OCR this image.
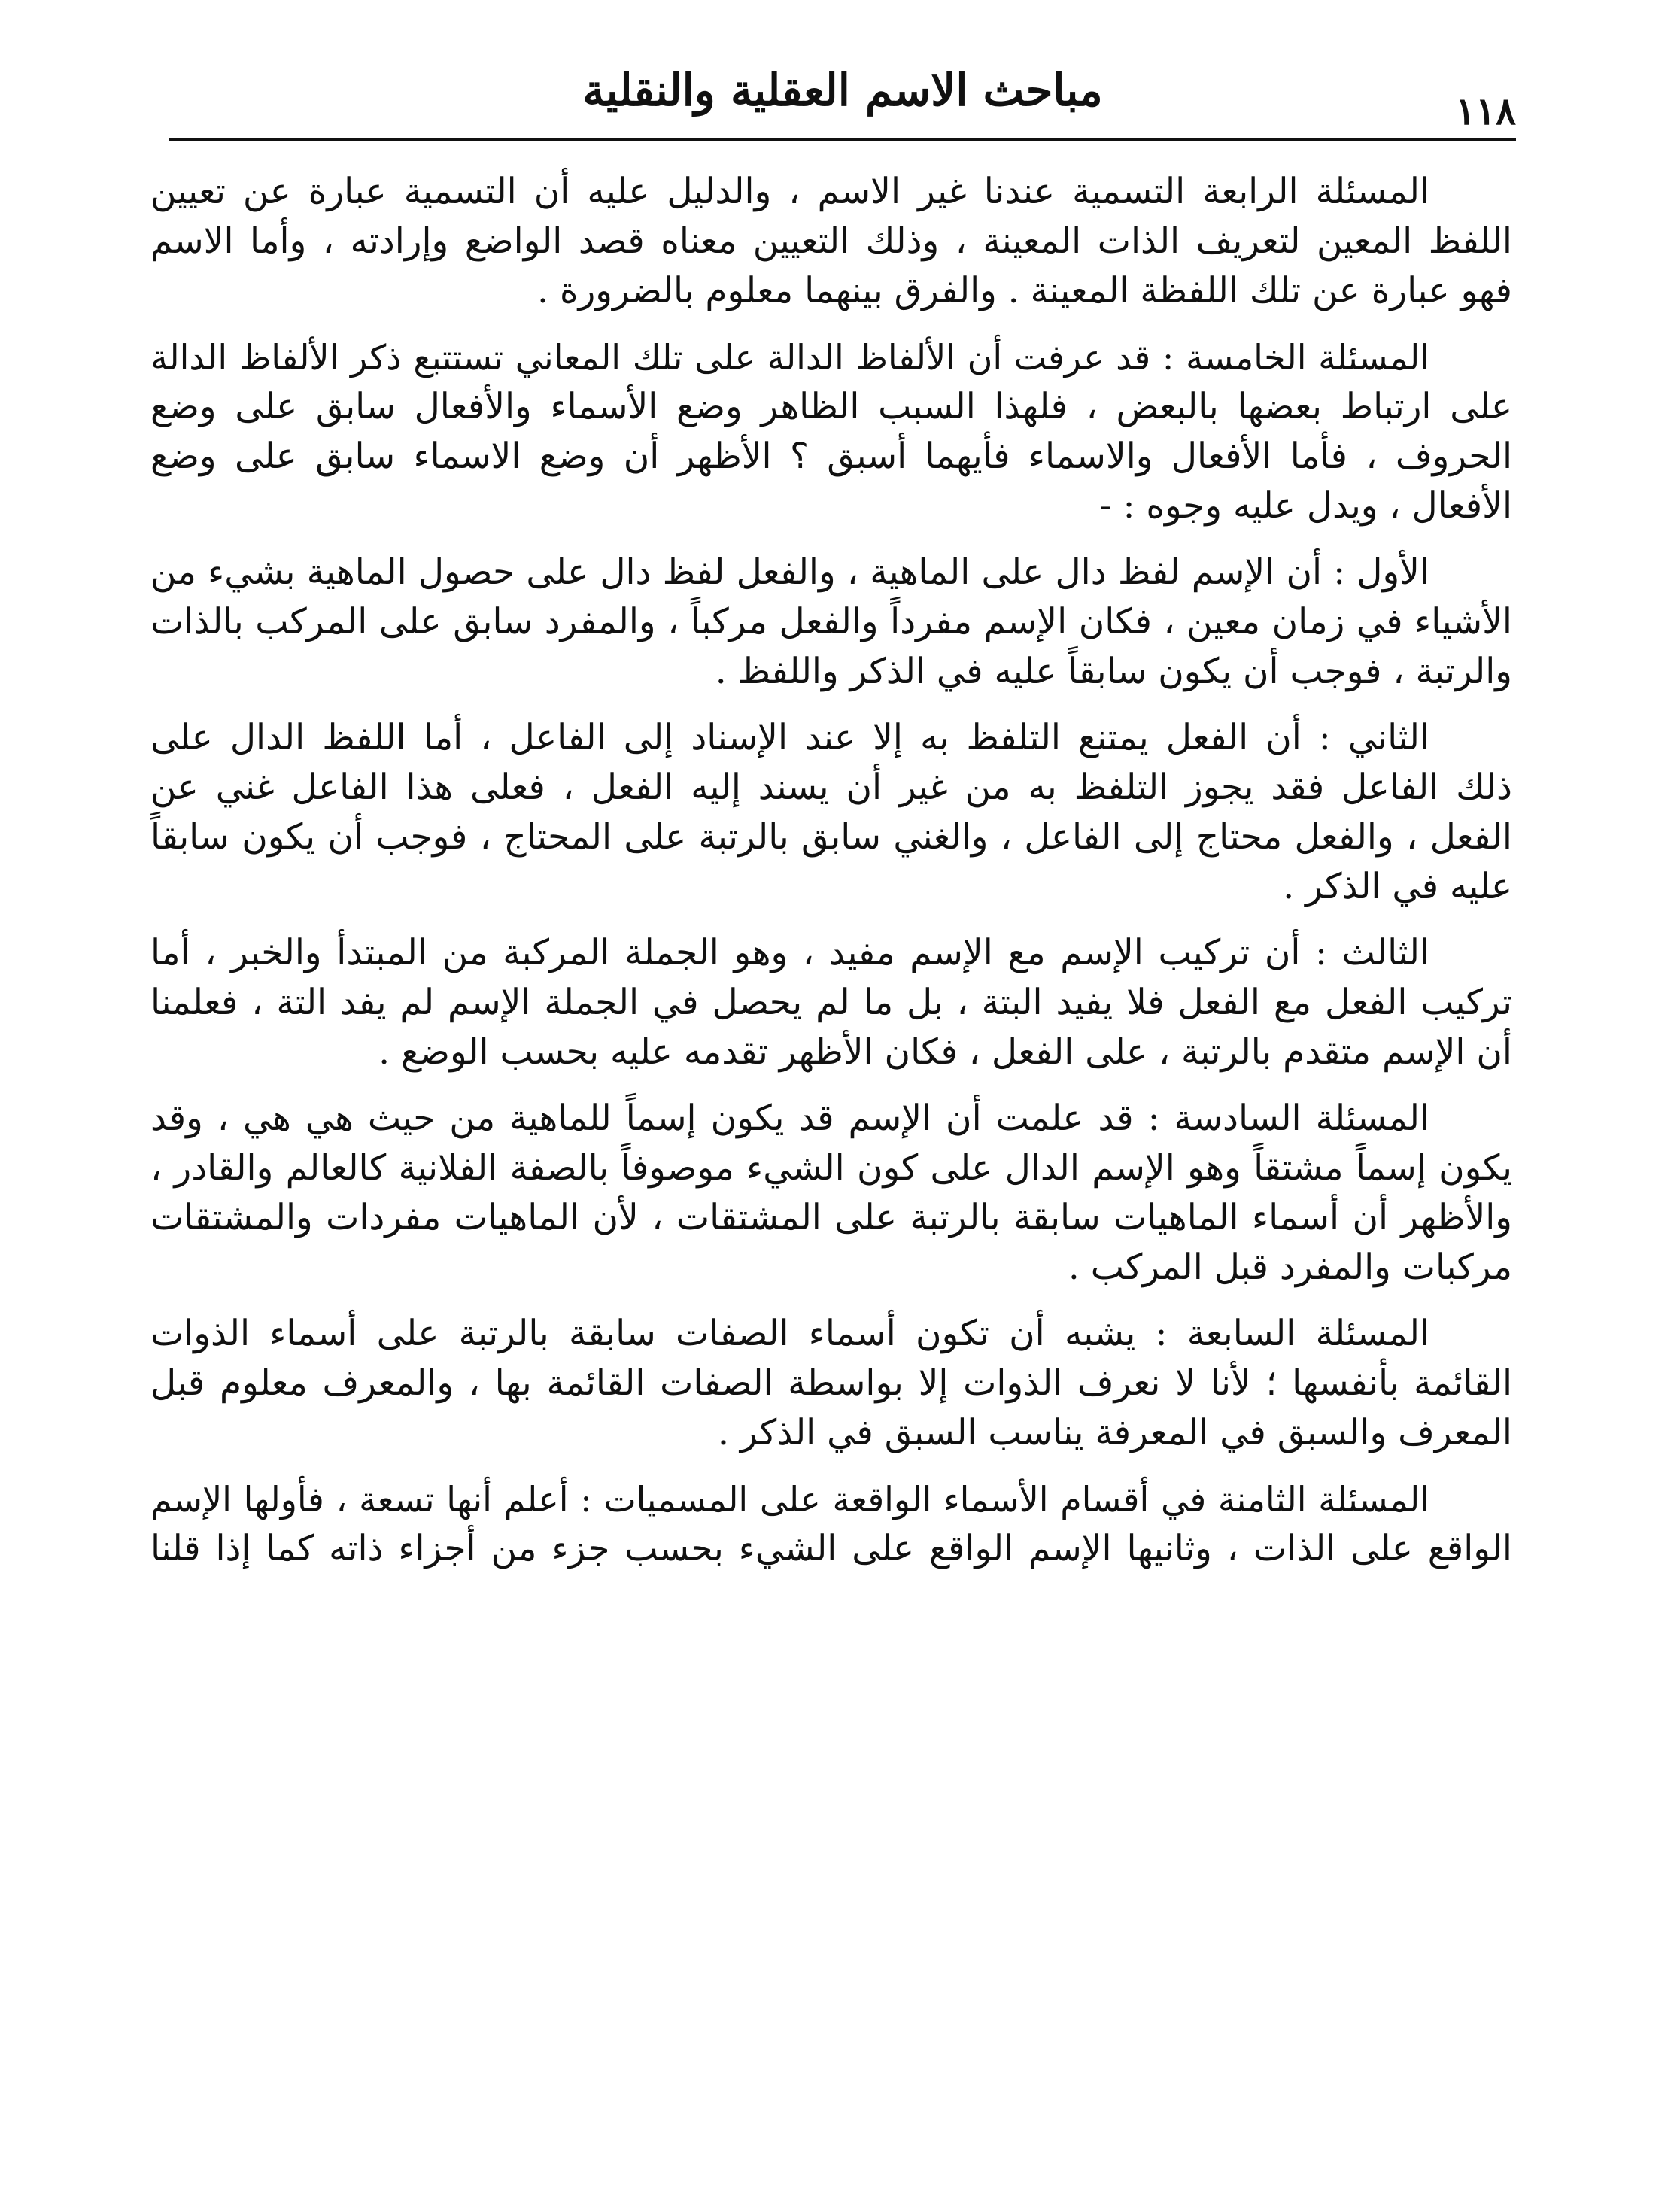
مباحث الاسم العقلية والنقلية	١١٨
المسئلة الرابعة التسمية عندنا غير الاسم ، والدليل عليه أن التسمية عبارة عن تعيين
اللفظ المعين لتعريف الذات المعينة ، وذلك التعيين معناه قصد الواضع وإرادته ، وأما الاسم
فهو عبارة عن تلك اللفظة المعينة . والفرق بينهما معلوم بالضرورة .
المسئلة الخامسة : قد عرفت أن الألفاظ الدالة على تلك المعاني تستتبع ذكر الألفاظ الدالة
على ارتباط بعضها بالبعض ، فلهذا السبب الظاهر وضع الأسماء والأفعال سابق على وضع
الحروف ، فأما الأفعال والاسماء فأيهما أسبق ؟ الأظهر أن وضع الاسماء سابق على وضع
الأفعال ، ويدل عليه وجوه : -
الأول : أن الإسم لفظ دال على الماهية ، والفعل لفظ دال على حصول الماهية بشيء من
الأشياء في زمان معين ، فكان الإسم مفرداً والفعل مركباً ، والمفرد سابق على المركب بالذات
والرتبة ، فوجب أن يكون سابقاً عليه في الذكر واللفظ .
الثاني : أن الفعل يمتنع التلفظ به إلا عند الإسناد إلى الفاعل ، أما اللفظ الدال على
ذلك الفاعل فقد يجوز التلفظ به من غير أن يسند إليه الفعل ، فعلى هذا الفاعل غني عن
الفعل ، والفعل محتاج إلى الفاعل ، والغني سابق بالرتبة على المحتاج ، فوجب أن يكون سابقاً
عليه في الذكر .
الثالث : أن تركيب الإسم مع الإسم مفيد ، وهو الجملة المركبة من المبتدأ والخبر ، أما
تركيب الفعل مع الفعل فلا يفيد البتة ، بل ما لم يحصل في الجملة الإسم لم يفد التة ، فعلمنا
أن الإسم متقدم بالرتبة ، على الفعل ، فكان الأظهر تقدمه عليه بحسب الوضع .
المسئلة السادسة : قد علمت أن الإسم قد يكون إسماً للماهية من حيث هي هي ، وقد
يكون إسماً مشتقاً وهو الإسم الدال على كون الشيء موصوفاً بالصفة الفلانية كالعالم والقادر ،
والأظهر أن أسماء الماهيات سابقة بالرتبة على المشتقات ، لأن الماهيات مفردات والمشتقات
مركبات والمفرد قبل المركب .
المسئلة السابعة : يشبه أن تكون أسماء الصفات سابقة بالرتبة على أسماء الذوات
القائمة بأنفسها ؛ لأنا لا نعرف الذوات إلا بواسطة الصفات القائمة بها ، والمعرف معلوم قبل
المعرف والسبق في المعرفة يناسب السبق في الذكر .
المسئلة الثامنة في أقسام الأسماء الواقعة على المسميات : أعلم أنها تسعة ، فأولها الإسم
الواقع على الذات ، وثانيها الإسم الواقع على الشيء بحسب جزء من أجزاء ذاته كما إذا قلنا
